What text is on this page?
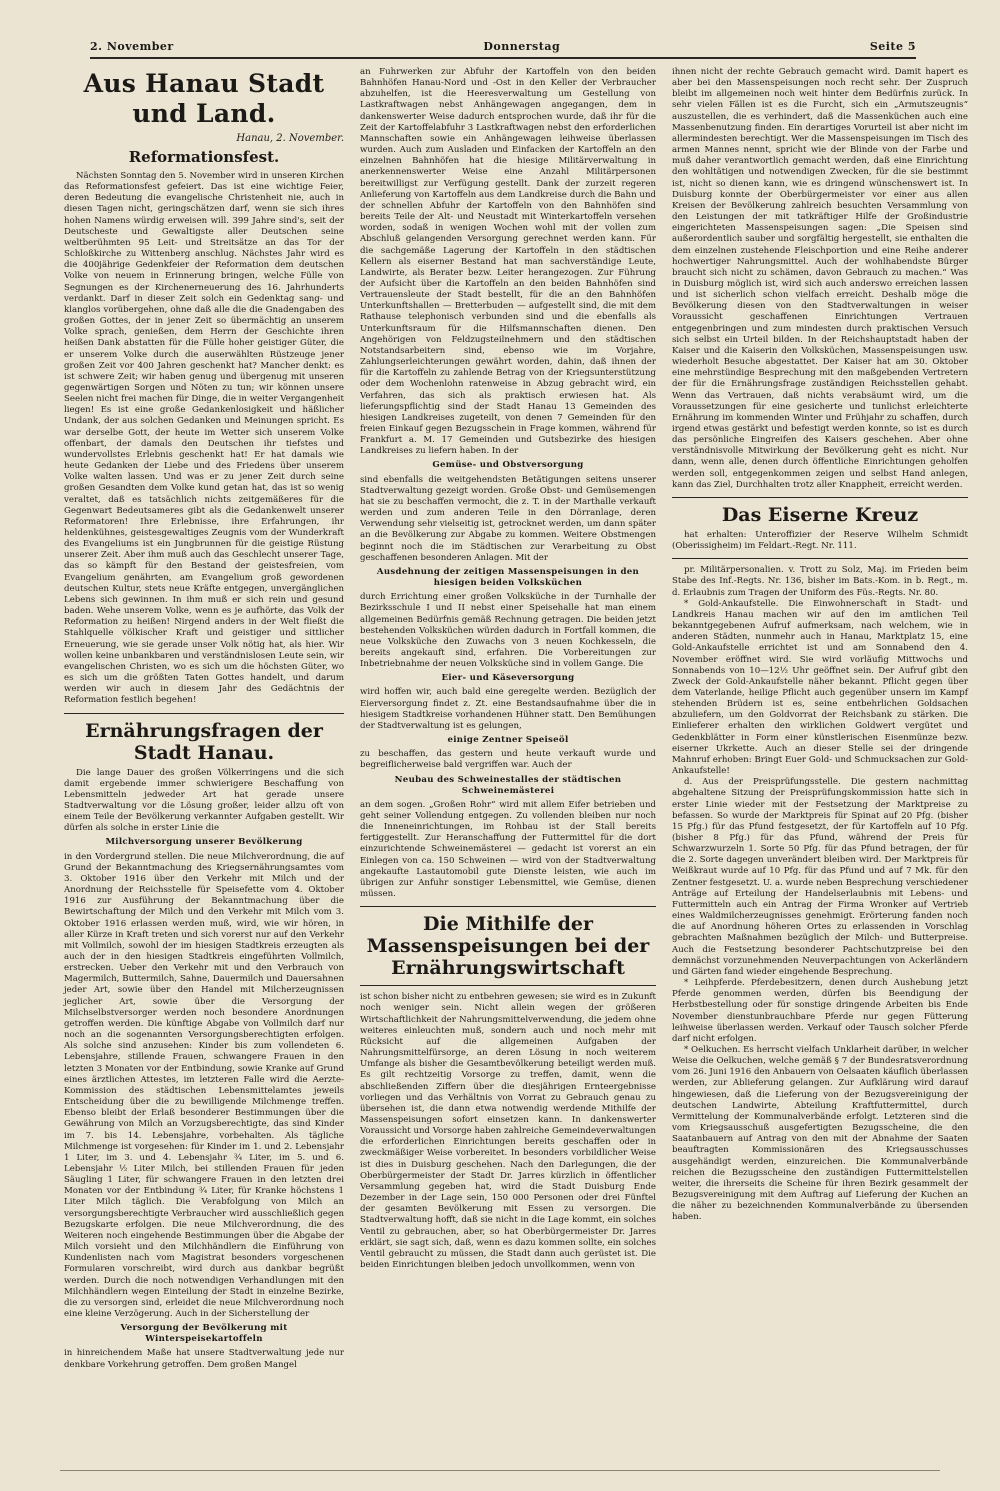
2. November	Donnerstag	Seite 5
Aus Hanau Stadt und Land.
Hanau, 2. November.
Reformationsfest.

Nächsten Sonntag den 5. November wird in unseren Kirchen das Reformationsfest gefeiert. Das ist eine wichtige Feier, deren Bedeutung die evangelische Christenheit nie, auch in diesen Tagen nicht, geringschätzen darf, wenn sie sich ihres hohen Namens würdig erweisen will. 399 Jahre sind's, seit der Deutscheste und Gewaltigste aller Deutschen seine weltberühmten 95 Leit- und Streitsätze an das Tor der Schloßkirche zu Wittenberg anschlug. Nächstes Jahr wird es die 400jährige Gedenkfeier der Reformation dem deutschen Volke von neuem in Erinnerung bringen, welche Fülle von Segnungen es der Kirchenerneuerung des 16. Jahrhunderts verdankt. Darf in dieser Zeit solch ein Gedenktag sang- und klanglos vorübergehen, ohne daß alle die die Gnadengaben des großen Gottes, der in jener Zeit so übermächtig an unserem Volke sprach, genießen, dem Herrn der Geschichte ihren heißen Dank abstatten für die Fülle hoher geistiger Güter, die er unserem Volke durch die auserwählten Rüstzeuge jener großen Zeit vor 400 Jahren geschenkt hat? Mancher denkt: es ist schwere Zeit; wir haben genug und übergenug mit unseren gegenwärtigen Sorgen und Nöten zu tun; wir können unsere Seelen nicht frei machen für Dinge, die in weiter Vergangenheit liegen! Es ist eine große Gedankenlosigkeit und häßlicher Undank, der aus solchen Gedanken und Meinungen spricht. Es war derselbe Gott, der heute im Wetter sich unserem Volke offenbart, der damals den Deutschen ihr tiefstes und wundervollstes Erlebnis geschenkt hat! Er hat damals wie heute Gedanken der Liebe und des Friedens über unserem Volke walten lassen. Und was er zu jener Zeit durch seine großen Gesandten dem Volke kund getan hat, das ist so wenig veraltet, daß es tatsächlich nichts zeitgemäßeres für die Gegenwart Bedeutsameres gibt als die Gedankenwelt unserer Reformatoren! Ihre Erlebnisse, ihre Erfahrungen, ihr heldenkühnes, geistesgewaltiges Zeugnis vom der Wunderkraft des Evangeliums ist ein Jungbrunnen für die geistige Rüstung unserer Zeit. Aber ihm muß auch das Geschlecht unserer Tage, das so kämpft für den Bestand der geistesfreien, vom Evangelium genährten, am Evangelium groß gewordenen deutschen Kultur, stets neue Kräfte entgegen, unvergänglichen Lebens sich gewinnen. In ihm muß er sich rein und gesund baden. Wehe unserem Volke, wenn es je aufhörte, das Volk der Reformation zu heißen! Nirgend anders in der Welt fließt die Stahlquelle völkischer Kraft und geistiger und sittlicher Erneuerung, wie sie gerade unser Volk nötig hat, als hier. Wir wollen keine unbankbaren und verständnislosen Leute sein, wir evangelischen Christen, wo es sich um die höchsten Güter, wo es sich um die größten Taten Gottes handelt, und darum werden wir auch in diesem Jahr des Gedächtnis der Reformation festlich begehen!

Ernährungsfragen der Stadt Hanau.

Die lange Dauer des großen Völkerringens und die sich damit ergebende immer schwierigere Beschaffung von Lebensmitteln jedweder Art hat gerade unsere Stadtverwaltung vor die Lösung großer, leider allzu oft von einem Teile der Bevölkerung verkannter Aufgaben gestellt. Wir dürfen als solche in erster Linie die

Milchversorgung unserer Bevölkerung

in den Vordergrund stellen. Die neue Milchverordnung, die auf Grund der Bekanntmachung des Kriegsernährungsamtes vom 3. Oktober 1916 über den Verkehr mit Milch und der Anordnung der Reichsstelle für Speisefette vom 4. Oktober 1916 zur Ausführung der Bekanntmachung über die Bewirtschaftung der Milch und den Verkehr mit Milch vom 3. Oktober 1916 erlassen werden muß, wird, wie wir hören, in aller Kürze in Kraft treten und sich vorerst nur auf den Verkehr mit Vollmilch, sowohl der im hiesigen Stadtkreis erzeugten als auch der in den hiesigen Stadtkreis eingeführten Vollmilch, erstrecken. Ueber den Verkehr mit und den Verbrauch von Magermilch, Buttermilch, Sahne, Dauermilch und Dauersahnen jeder Art, sowie über den Handel mit Milcherzeugnissen jeglicher Art, sowie über die Versorgung der Milchselbstversorger werden noch besondere Anordnungen getroffen werden. Die künftige Abgabe von Vollmilch darf nur noch an die sogenannten Versorgungsberechtigten erfolgen. Als solche sind anzusehen: Kinder bis zum vollendeten 6. Lebensjahre, stillende Frauen, schwangere Frauen in den letzten 3 Monaten vor der Entbindung, sowie Kranke auf Grund eines ärztlichen Attestes, im letzteren Falle wird die Aerzte-Kommission des städtischen Lebensmittelamtes jeweils Entscheidung über die zu bewilligende Milchmenge treffen. Ebenso bleibt der Erlaß besonderer Bestimmungen über die Gewährung von Milch an Vorzugsberechtigte, das sind Kinder im 7. bis 14. Lebensjahre, vorbehalten. Als tägliche Milchmenge ist vorgesehen: für Kinder im 1. und 2. Lebensjahr 1 Liter, im 3. und 4. Lebensjahr ¾ Liter, im 5. und 6. Lebensjahr ½ Liter Milch, bei stillenden Frauen für jeden Säugling 1 Liter, für schwangere Frauen in den letzten drei Monaten vor der Entbindung ¾ Liter, für Kranke höchstens 1 Liter Milch täglich. Die Verabfolgung von Milch an versorgungsberechtigte Verbraucher wird ausschließlich gegen Bezugskarte erfolgen. Die neue Milchverordnung, die des Weiteren noch eingehende Bestimmungen über die Abgabe der Milch vorsieht und den Milchhändlern die Einführung von Kundenlisten nach vom Magistrat besonders vorgeschenen Formularen vorschreibt, wird durch aus dankbar begrüßt werden. Durch die noch notwendigen Verhandlungen mit den Milchhändlern wegen Einteilung der Stadt in einzelne Bezirke, die zu versorgen sind, erleidet die neue Milchverordnung noch eine kleine Verzögerung. Auch in der Sicherstellung der

Versorgung der Bevölkerung mit Winterspeisekartoffeln

in hinreichendem Maße hat unsere Stadtverwaltung jede nur denkbare Vorkehrung getroffen. Dem großen Mangel

an Fuhrwerken zur Abfuhr der Kartoffeln von den beiden Bahnhöfen Hanau-Nord und -Ost in den Keller der Verbraucher abzuhelfen, ist die Heeresverwaltung um Gestellung von Lastkraftwagen nebst Anhängewagen angegangen, dem in dankenswerter Weise dadurch entsprochen wurde, daß ihr für die Zeit der Kartoffelabfuhr 3 Lastkraftwagen nebst den erforderlichen Mannschaften sowie ein Anhängewagen leihweise überlassen wurden. Auch zum Ausladen und Einfacken der Kartoffeln an den einzelnen Bahnhöfen hat die hiesige Militärverwaltung in anerkennenswerter Weise eine Anzahl Militärpersonen bereitwilligst zur Verfügung gestellt. Dank der zurzeit regeren Anlieferung von Kartoffeln aus dem Landkreise durch die Bahn und der schnellen Abfuhr der Kartoffeln von den Bahnhöfen sind bereits Teile der Alt- und Neustadt mit Winterkartoffeln versehen worden, sodaß in wenigen Wochen wohl mit der vollen zum Abschluß gelangenden Versorgung gerechnet werden kann. Für die sachgemäße Lagerung der Kartoffeln in den städtischen Kellern als eiserner Bestand hat man sachverständige Leute, Landwirte, als Berater bezw. Leiter herangezogen. Zur Führung der Aufsicht über die Kartoffeln an den beiden Bahnhöfen sind Vertrauensleute der Stadt bestellt, für die an den Bahnhöfen Unterkunftshallen — Bretterbuden — aufgestellt sind, die mit dem Rathause telephonisch verbunden sind und die ebenfalls als Unterkunftsraum für die Hilfsmannschaften dienen. Den Angehörigen von Feldzugsteilnehmern und den städtischen Notstandsarbeitern sind, ebenso wie im Vorjahre, Zahlungserleichterungen gewährt worden, dahin, daß ihnen der für die Kartoffeln zu zahlende Betrag von der Kriegsunterstützung oder dem Wochenlohn ratenweise in Abzug gebracht wird, ein Verfahren, das sich als praktisch erwiesen hat. Als lieferungspflichtig sind der Stadt Hanau 13 Gemeinden des hiesigen Landkreises zugeteilt, von denen 7 Gemeinden für den freien Einkauf gegen Bezugsschein in Frage kommen, während für Frankfurt a. M. 17 Gemeinden und Gutsbezirke des hiesigen Landkreises zu liefern haben. In der

Gemüse- und Obstversorgung

sind ebenfalls die weitgehendsten Betätigungen seitens unserer Stadtverwaltung gezeigt worden. Große Obst- und Gemüsemengen hat sie zu beschaffen vermocht, die z. T. in der Marthalle verkauft werden und zum anderen Teile in den Dörranlage, deren Verwendung sehr vielseitig ist, getrocknet werden, um dann später an die Bevölkerung zur Abgabe zu kommen. Weitere Obstmengen beginnt noch die im Städtischen zur Verarbeitung zu Obst geschaffenen besonderen Anlagen. Mit der

Ausdehnung der zeitigen Massenspeisungen in den hiesigen beiden Volksküchen

durch Errichtung einer großen Volksküche in der Turnhalle der Bezirksschule I und II nebst einer Speisehalle hat man einem allgemeinen Bedürfnis gemäß Rechnung getragen. Die beiden jetzt bestehenden Volksküchen würden dadurch in Fortfall kommen, die neue Volksküche den Zuwachs von 3 neuen Kochkesseln, die bereits angekauft sind, erfahren. Die Vorbereitungen zur Inbetriebnahme der neuen Volksküche sind in vollem Gange. Die

Eier- und Käseversorgung

wird hoffen wir, auch bald eine geregelte werden. Bezüglich der Eierversorgung findet z. Zt. eine Bestandsaufnahme über die in hiesigem Stadtkreise vorhandenen Hühner statt. Den Bemühungen der Stadtverwaltung ist es gelungen,

einige Zentner Speiseöl

zu beschaffen, das gestern und heute verkauft wurde und begreiflicherweise bald vergriffen war. Auch der

Neubau des Schweinestalles der städtischen Schweinemästerei

an dem sogen. „Großen Rohr“ wird mit allem Eifer betrieben und geht seiner Vollendung entgegen. Zu vollenden bleiben nur noch die Inneneinrichtungen, im Rohbau ist der Stall bereits fertiggestellt. Zur Heranschaffung der Futtermittel für die dort einzurichtende Schweinemästerei — gedacht ist vorerst an ein Einlegen von ca. 150 Schweinen — wird von der Stadtverwaltung angekaufte Lastautomobil gute Dienste leisten, wie auch im übrigen zur Anfuhr sonstiger Lebensmittel, wie Gemüse, dienen müssen.

Die Mithilfe der Massenspeisungen bei der Ernährungswirtschaft

ist schon bisher nicht zu entbehren gewesen; sie wird es in Zukunft noch weniger sein. Nicht allein wegen der größeren Wirtschaftlichkeit der Nahrungsmittelverwendung, die jedem ohne weiteres einleuchten muß, sondern auch und noch mehr mit Rücksicht auf die allgemeinen Aufgaben der Nahrungsmittelfürsorge, an deren Lösung in noch weiterem Umfange als bisher die Gesamtbevölkerung beteiligt werden muß. Es gilt rechtzeitig Vorsorge zu treffen, damit, wenn die abschließenden Ziffern über die diesjährigen Ernteergebnisse vorliegen und das Verhältnis von Vorrat zu Gebrauch genau zu übersehen ist, die dann etwa notwendig werdende Mithilfe der Massenspeisungen sofort einsetzen kann. In dankenswerter Voraussicht und Vorsorge haben zahlreiche Gemeindeverwaltungen die erforderlichen Einrichtungen bereits geschaffen oder in zweckmäßiger Weise vorbereitet. In besonders vorbildlicher Weise ist dies in Duisburg geschehen. Nach den Darlegungen, die der Oberbürgermeister der Stadt Dr. Jarres kürzlich in öffentlicher Versammlung gegeben hat, wird die Stadt Duisburg Ende Dezember in der Lage sein, 150 000 Personen oder drei Fünftel der gesamten Bevölkerung mit Essen zu versorgen. Die Stadtverwaltung hofft, daß sie nicht in die Lage kommt, ein solches Ventil zu gebrauchen, aber, so hat Oberbürgermeister Dr. Jarres erklärt, sie sagt sich, daß, wenn es dazu kommen sollte, ein solches Ventil gebraucht zu müssen, die Stadt dann auch gerüstet ist. Die beiden Einrichtungen bleiben jedoch unvollkommen, wenn von

ihnen nicht der rechte Gebrauch gemacht wird. Damit hapert es aber bei den Massenspeisungen noch recht sehr. Der Zuspruch bleibt im allgemeinen noch weit hinter dem Bedürfnis zurück. In sehr vielen Fällen ist es die Furcht, sich ein „Armutszeugnis“ auszustellen, die es verhindert, daß die Massenküchen auch eine Massenbenutzung finden. Ein derartiges Vorurteil ist aber nicht im allermindesten berechtigt. Wer die Massenspeisungen im Tisch des armen Mannes nennt, spricht wie der Blinde von der Farbe und muß daher verantwortlich gemacht werden, daß eine Einrichtung den wohltätigen und notwendigen Zwecken, für die sie bestimmt ist, nicht so dienen kann, wie es dringend wünschenswert ist. In Duisburg konnte der Oberbürgermeister vor einer aus allen Kreisen der Bevölkerung zahlreich besuchten Versammlung von den Leistungen der mit tatkräftiger Hilfe der Großindustrie eingerichteten Massenspeisungen sagen: „Die Speisen sind außerordentlich sauber und sorgfältig hergestellt, sie enthalten die dem einzelnen zustehende Fleischportion und eine Reihe anderer hochwertiger Nahrungsmittel. Auch der wohlhabendste Bürger braucht sich nicht zu schämen, davon Gebrauch zu machen.“ Was in Duisburg möglich ist, wird sich auch anderswo erreichen lassen und ist sicherlich schon vielfach erreicht. Deshalb möge die Bevölkerung diesen von den Stadtverwaltungen in weiser Voraussicht geschaffenen Einrichtungen Vertrauen entgegenbringen und zum mindesten durch praktischen Versuch sich selbst ein Urteil bilden. In der Reichshauptstadt haben der Kaiser und die Kaiserin den Volksküchen, Massenspeisungen usw. wiederholt Besuche abgestattet. Der Kaiser hat am 30. Oktober eine mehrstündige Besprechung mit den maßgebenden Vertretern der für die Ernährungsfrage zuständigen Reichsstellen gehabt. Wenn das Vertrauen, daß nichts verabsäumt wird, um die Voraussetzungen für eine gesicherte und tunlichst erleichterte Ernährung im kommenden Winter und Frühjahr zu schaffen, durch irgend etwas gestärkt und befestigt werden konnte, so ist es durch das persönliche Eingreifen des Kaisers geschehen. Aber ohne verständnisvolle Mitwirkung der Bevölkerung geht es nicht. Nur dann, wenn alle, denen durch öffentliche Einrichtungen geholfen werden soll, entgegenkommen zeigen und selbst Hand anlegen, kann das Ziel, Durchhalten trotz aller Knappheit, erreicht werden.

Das Eiserne Kreuz

hat erhalten: Unteroffizier der Reserve Wilhelm Schmidt (Oberissigheim) im Feldart.-Regt. Nr. 111.

pr. Militärpersonalien. v. Trott zu Solz, Maj. im Frieden beim Stabe des Inf.-Regts. Nr. 136, bisher im Bats.-Kom. in b. Regt., m. d. Erlaubnis zum Tragen der Uniform des Füs.-Regts. Nr. 80.

* Gold-Ankaufstelle. Die Einwohnerschaft in Stadt- und Landkreis Hanau machen wir auf den im amtlichen Teil bekanntgegebenen Aufruf aufmerksam, nach welchem, wie in anderen Städten, nunmehr auch in Hanau, Marktplatz 15, eine Gold-Ankaufstelle errichtet ist und am Sonnabend den 4. November eröffnet wird. Sie wird vorläufig Mittwochs und Sonnabends von 10—12½ Uhr geöffnet sein. Der Aufruf gibt den Zweck der Gold-Ankaufstelle näher bekannt. Pflicht gegen über dem Vaterlande, heilige Pflicht auch gegenüber unsern im Kampf stehenden Brüdern ist es, seine entbehrlichen Goldsachen abzuliefern, um den Goldvorrat der Reichsbank zu stärken. Die Einlieferer erhalten den wirklichen Goldwert vergütet und Gedenkblätter in Form einer künstlerischen Eisenmünze bezw. eiserner Ukrkette. Auch an dieser Stelle sei der dringende Mahnruf erhoben: Bringt Euer Gold- und Schmucksachen zur Gold-Ankaufstelle!

d. Aus der Preisprüfungsstelle. Die gestern nachmittag abgehaltene Sitzung der Preisprüfungskommission hatte sich in erster Linie wieder mit der Festsetzung der Marktpreise zu befassen. So wurde der Marktpreis für Spinat auf 20 Pfg. (bisher 15 Pfg.) für das Pfund festgesetzt, der für Kartoffeln auf 10 Pfg. (bisher 8 Pfg.) für das Pfund, während der Preis für Schwarzwurzeln 1. Sorte 50 Pfg. für das Pfund betragen, der für die 2. Sorte dagegen unverändert bleiben wird. Der Marktpreis für Weißkraut wurde auf 10 Pfg. für das Pfund und auf 7 Mk. für den Zentner festgesetzt. U. a. wurde neben Besprechung verschiedener Anträge auf Erteilung der Handelserlaubnis mit Lebens- und Futtermitteln auch ein Antrag der Firma Wronker auf Vertrieb eines Waldmilcherzeugnisses genehmigt. Erörterung fanden noch die auf Anordnung höheren Ortes zu erlassenden in Vorschlag gebrachten Maßnahmen bezüglich der Milch- und Butterpreise. Auch die Festsetzung besonderer Pachtschutzpreise bei den demnächst vorzunehmenden Neuverpachtungen von Ackerländern und Gärten fand wieder eingehende Besprechung.

* Leihpferde. Pferdebesitzern, denen durch Aushebung jetzt Pferde genommen werden, dürfen bis Beendigung der Herbstbestellung oder für sonstige dringende Arbeiten bis Ende November dienstunbrauchbare Pferde nur gegen Fütterung leihweise überlassen werden. Verkauf oder Tausch solcher Pferde darf nicht erfolgen.

* Oelkuchen. Es herrscht vielfach Unklarheit darüber, in welcher Weise die Oelkuchen, welche gemäß § 7 der Bundesratsverordnung vom 26. Juni 1916 den Anbauern von Oelsaaten käuflich überlassen werden, zur Ablieferung gelangen. Zur Aufklärung wird darauf hingewiesen, daß die Lieferung von der Bezugsvereinigung der deutschen Landwirte, Abteilung Kraftfuttermittel, durch Vermittelung der Kommunalverbände erfolgt. Letzteren sind die vom Kriegsausschuß ausgefertigten Bezugsscheine, die den Saatanbauern auf Antrag von den mit der Abnahme der Saaten beauftragten Kommissionären des Kriegsausschusses ausgehändigt werden, einzureichen. Die Kommunalverbände reichen die Bezugsscheine den zuständigen Futtermittelstellen weiter, die ihrerseits die Scheine für ihren Bezirk gesammelt der Bezugsvereinigung mit dem Auftrag auf Lieferung der Kuchen an die näher zu bezeichnenden Kommunalverbände zu übersenden haben.
